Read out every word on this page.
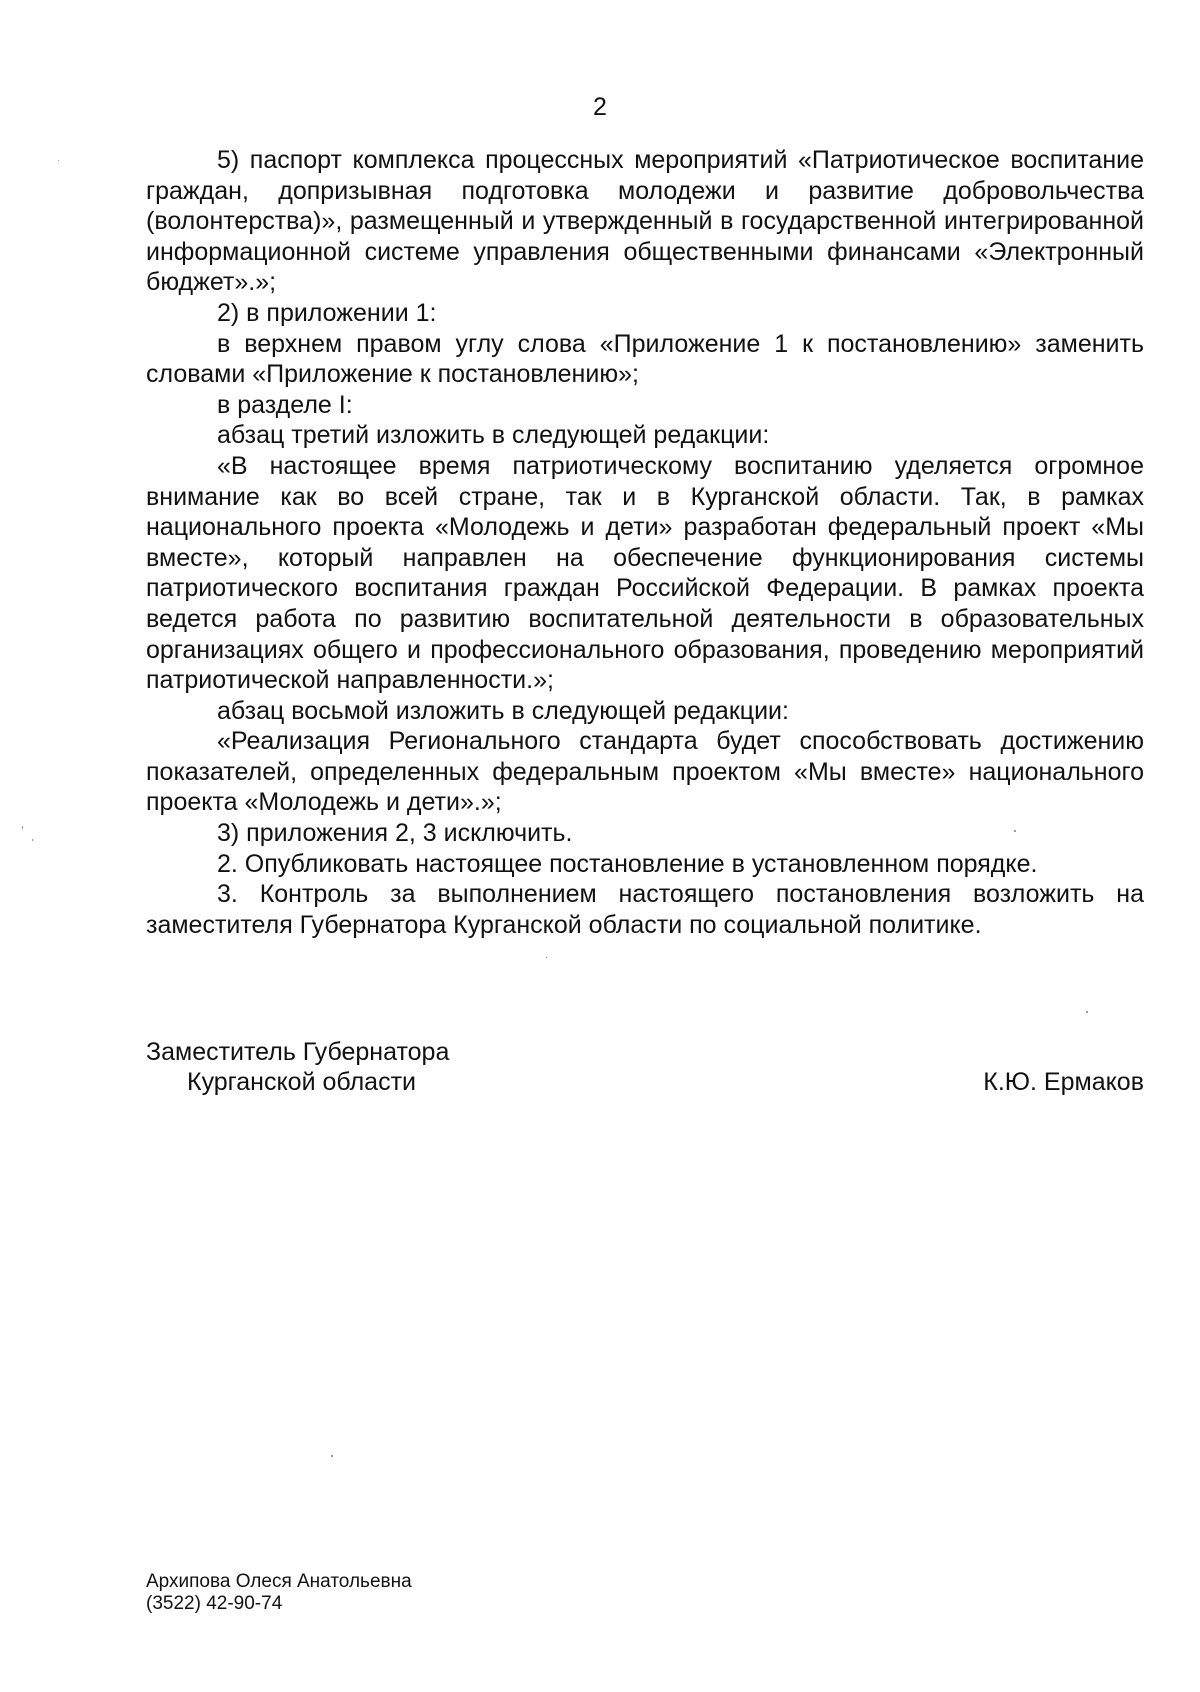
2

5) паспорт комплекса процессных мероприятий «Патриотическое воспитание граждан, допризывная подготовка молодежи и развитие добровольчества (волонтерства)», размещенный и утвержденный в государственной интегрированной информационной системе управления общественными финансами «Электронный бюджет».»;

2) в приложении 1:

в верхнем правом углу слова «Приложение 1 к постановлению» заменить словами «Приложение к постановлению»;

в разделе I:

абзац третий изложить в следующей редакции:

«В настоящее время патриотическому воспитанию уделяется огромное внимание как во всей стране, так и в Курганской области. Так, в рамках национального проекта «Молодежь и дети» разработан федеральный проект «Мы вместе», который направлен на обеспечение функционирования системы патриотического воспитания граждан Российской Федерации. В рамках проекта ведется работа по развитию воспитательной деятельности в образовательных организациях общего и профессионального образования, проведению мероприятий патриотической направленности.»;

абзац восьмой изложить в следующей редакции:

«Реализация Регионального стандарта будет способствовать достижению показателей, определенных федеральным проектом «Мы вместе» национального проекта «Молодежь и дети».»;

3) приложения 2, 3 исключить.

2. Опубликовать настоящее постановление в установленном порядке.

3. Контроль за выполнением настоящего постановления возложить на заместителя Губернатора Курганской области по социальной политике.

Заместитель Губернатора
Курганской области	К.Ю. Ермаков
Архипова Олеся Анатольевна
(3522) 42-90-74
